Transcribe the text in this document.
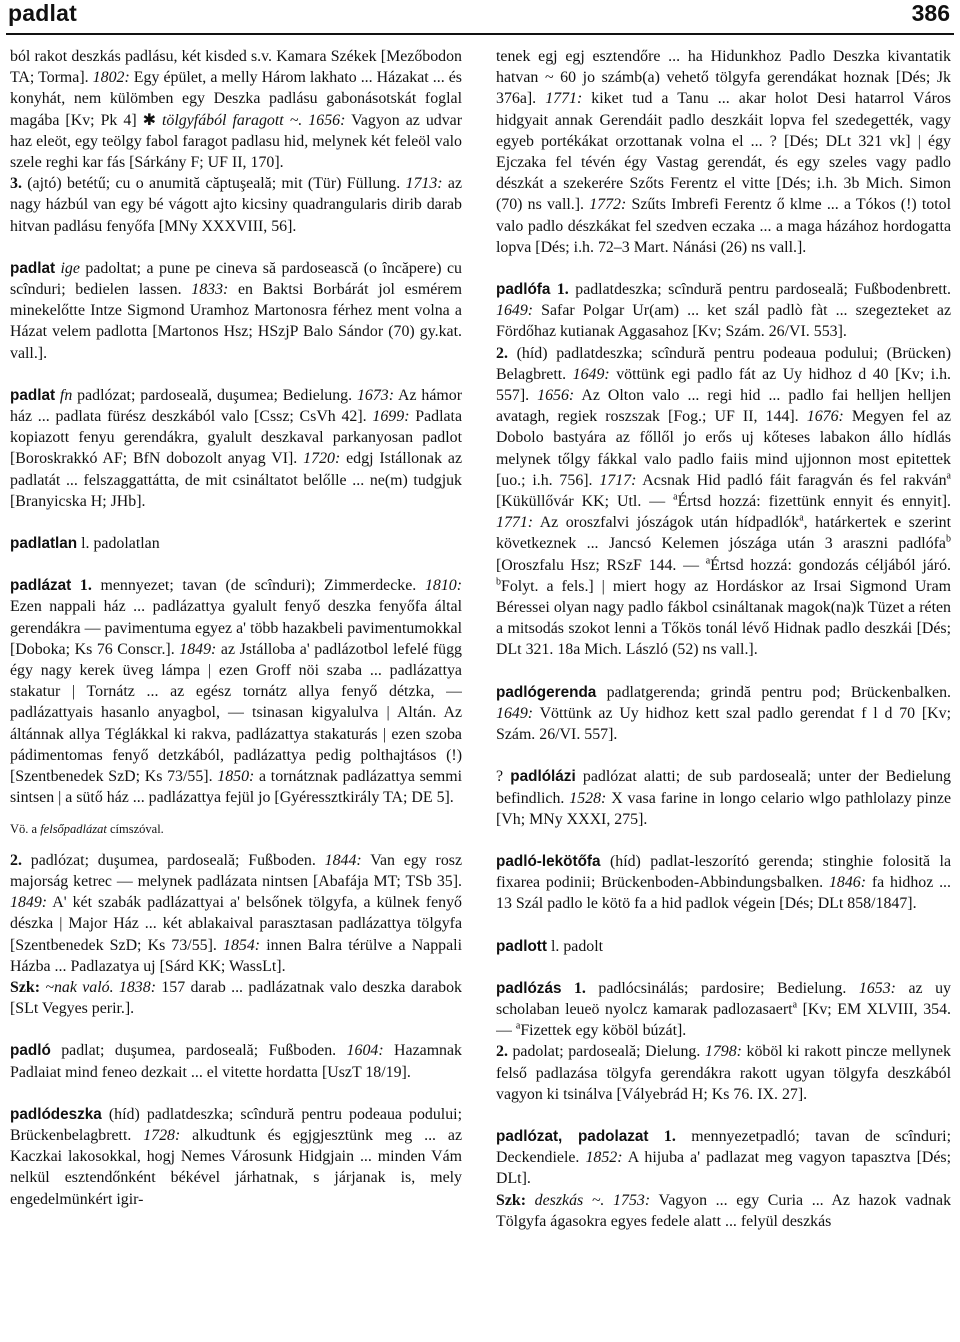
padlat	386

ból rakot deszkás padlásu, két kisded s.v. Kamara Székek [Mezőbodon TA; Torma]. 1802: Egy épület, a melly Három lakhato ... Házakat ... és konyhát, nem külömben egy Deszka padlásu gabonásotskát foglal magába [Kv; Pk 4] ✱ tölgyfából faragott ~. 1656: Vagyon az udvar haz eleöt, egy teölgy fabol faragot padlasu hid, melynek két feleöl valo szele reghi kar fás [Sárkány F; UF II, 170].

3. (ajtó) betétű; cu o anumită căptuşeală; mit (Tür) Füllung. 1713: az nagy házbúl van egy bé vágott ajto kicsiny quadrangularis dirib darab hitvan padlásu fenyőfa [MNy XXXVIII, 56].

padlat ige padoltat; a pune pe cineva să pardosească (o încăpere) cu scînduri; bedielen lassen. 1833: en Baktsi Borbárát jol esmérem minekelőtte Intze Sigmond Uramhoz Martonosra férhez ment volna a Házat velem padlotta [Martonos Hsz; HSzjP Balo Sándor (70) gy.kat. vall.].

padlat fn padlózat; pardoseală, duşumea; Bedielung. 1673: Az hámor ház ... padlata fürész deszkából valo [Cssz; CsVh 42]. 1699: Padlata kopiazott fenyu gerendákra, gyalult deszkaval parkanyosan padlot [Boroskrakkó AF; BfN dobozolt anyag VI]. 1720: edgj Istállonak az padlatát ... felszaggattátta, de mit csináltatot belőlle ... ne(m) tudgjuk [Branyicska H; JHb].

padlatlan l. padolatlan

padlázat 1. mennyezet; tavan (de scînduri); Zimmerdecke. 1810: Ezen nappali ház ... padlázattya gyalult fenyő deszka fenyőfa által gerendákra — pavimentuma egyez a' több hazakbeli pavimentumokkal [Doboka; Ks 76 Conscr.]. 1849: az Jstálloba a' padlázotbol lefelé függ égy nagy kerek üveg lámpa | ezen Groff nöi szaba ... padlázattya stakatur | Tornátz ... az egész tornátz allya fenyő détzka, — padlázattyais hasanlo anyagbol, — tsinasan kigyalulva | Altán. Az áltánnak allya Téglákkal ki rakva, padlázattya stakaturás | ezen szoba pádimentomas fenyő detzkából, padlázattya pedig polthajtásos (!) [Szentbenedek SzD; Ks 73/55]. 1850: a tornátznak padlázattya semmi sintsen | a sütő ház ... padlázattya fejül jo [Gyéressztkirály TA; DE 5].

Vö. a felsőpadlázat címszóval.

2. padlózat; duşumea, pardoseală; Fußboden. 1844: Van egy rosz majorság ketrec — melynek padlázata nintsen [Abafája MT; TSb 35]. 1849: A' két szabák padlázattyai a' belsőnek tölgyfa, a külnek fenyő dészka | Major Ház ... két ablakaival parasztasan padlázattya tölgyfa [Szentbenedek SzD; Ks 73/55]. 1854: innen Balra térülve a Nappali Házba ... Padlazatya uj [Sárd KK; WassLt].

Szk: ~nak való. 1838: 157 darab ... padlázatnak valo deszka darabok [SLt Vegyes perir.].

padló padlat; duşumea, pardoseală; Fußboden. 1604: Hazamnak Padlaiat mind feneo dezkait ... el vitette hordatta [UszT 18/19].

padlódeszka (híd) padlatdeszka; scîndură pentru podeaua podului; Brückenbelagbrett. 1728: alkudtunk és egjgjesztünk meg ... az Kaczkai lakosokkal, hogj Nemes Városunk Hidgjain ... minden Vám nelkül esztendőnként békével járhatnak, s járjanak is, mely engedelmünkért igir-

tenek egj egj esztendőre ... ha Hidunkhoz Padlo Deszka kivantatik hatvan ~ 60 jo számb(a) vehető tölgyfa gerendákat hoznak [Dés; Jk 376a]. 1771: kiket tud a Tanu ... akar holot Desi hatarrol Város hidgyait annak Gerendáit padlo deszkáit lopva fel szedegették, vagy egyeb portékákat orzottanak volna el ... ? [Dés; DLt 321 vk] | égy Ejczaka fel tévén égy Vastag gerendát, és egy szeles vagy padlo dészkát a szekerére Szőts Ferentz el vitte [Dés; i.h. 3b Mich. Simon (70) ns vall.]. 1772: Szűts Imbrefi Ferentz ő klme ... a Tókos (!) totol valo padlo dészkákat fel szedven eczaka ... a maga házához hordogatta lopva [Dés; i.h. 72–3 Mart. Nánási (26) ns vall.].

padlófa 1. padlatdeszka; scîndură pentru pardoseală; Fußbodenbrett. 1649: Safar Polgar Ur(am) ... ket szál padlò fàt ... szegezteket az Fördőhaz kutianak Aggasahoz [Kv; Szám. 26/VI. 553].

2. (híd) padlatdeszka; scîndură pentru podeaua podului; (Brücken) Belagbrett. 1649: vöttünk egi padlo fát az Uy hidhoz d 40 [Kv; i.h. 557]. 1656: Az Olton valo ... regi hid ... padlo fai helljen helljen avatagh, regiek roszszak [Fog.; UF II, 144]. 1676: Megyen fel az Dobolo bastyára az főllől jo erős uj kőteses labakon állo hídlás melynek tőlgy fákkal valo padlo faiis mind ujjonnon most epitettek [uo.; i.h. 756]. 1717: Acsnak Hid padló fáit faragván és fel rakván$^a$ [Küküllővár KK; Utl. — $^a$Értsd hozzá: fizettünk ennyit és ennyit]. 1771: Az oroszfalvi jószágok után hídpadlók$^a$, határkertek e szerint következnek ... Jancsó Kelemen jószága után 3 araszni padlófa$^b$ [Oroszfalu Hsz; RSzF 144. — $^a$Értsd hozzá: gondozás céljából járó. $^b$Folyt. a fels.] | miert hogy az Hordáskor az Irsai Sigmond Uram Béressei olyan nagy padlo fákbol csináltanak magok(na)k Tüzet a réten a mitsodás szokot lenni a Tőkös tonál lévő Hidnak padlo deszkái [Dés; DLt 321. 18a Mich. László (52) ns vall.].

padlógerenda padlatgerenda; grindă pentru pod; Brückenbalken. 1649: Vöttünk az Uy hidhoz kett szal padlo gerendat f l d 70 [Kv; Szám. 26/VI. 557].

? padlólázi padlózat alatti; de sub pardoseală; unter der Bedielung befindlich. 1528: X vasa farine in longo celario wlgo pathlolazy pinze [Vh; MNy XXXI, 275].

padló-lekötőfa (híd) padlat-leszorító gerenda; stinghie folosită la fixarea podinii; Brückenboden-Abbindungsbalken. 1846: fa hidhoz ... 13 Szál padlo le kötö fa a hid padlok végein [Dés; DLt 858/1847].

padlott l. padolt

padlózás 1. padlócsinálás; pardosire; Bedielung. 1653: az uy scholaban leueö nyolcz kamarak padlozasaert$^a$ [Kv; EM XLVIII, 354. — $^a$Fizettek egy köböl búzát].

2. padolat; pardoseală; Dielung. 1798: köböl ki rakott pincze mellynek felső padlazása tölgyfa gerendákra rakott ugyan tölgyfa deszkából vagyon ki tsinálva [Vályebrád H; Ks 76. IX. 27].

padlózat, padolazat 1. mennyezetpadló; tavan de scînduri; Deckendiele. 1852: A hijuba a' padlazat meg vagyon tapasztva [Dés; DLt].

Szk: deszkás ~. 1753: Vagyon ... egy Curia ... Az hazok vadnak Tölgyfa ágasokra egyes fedele alatt ... felyül deszkás
